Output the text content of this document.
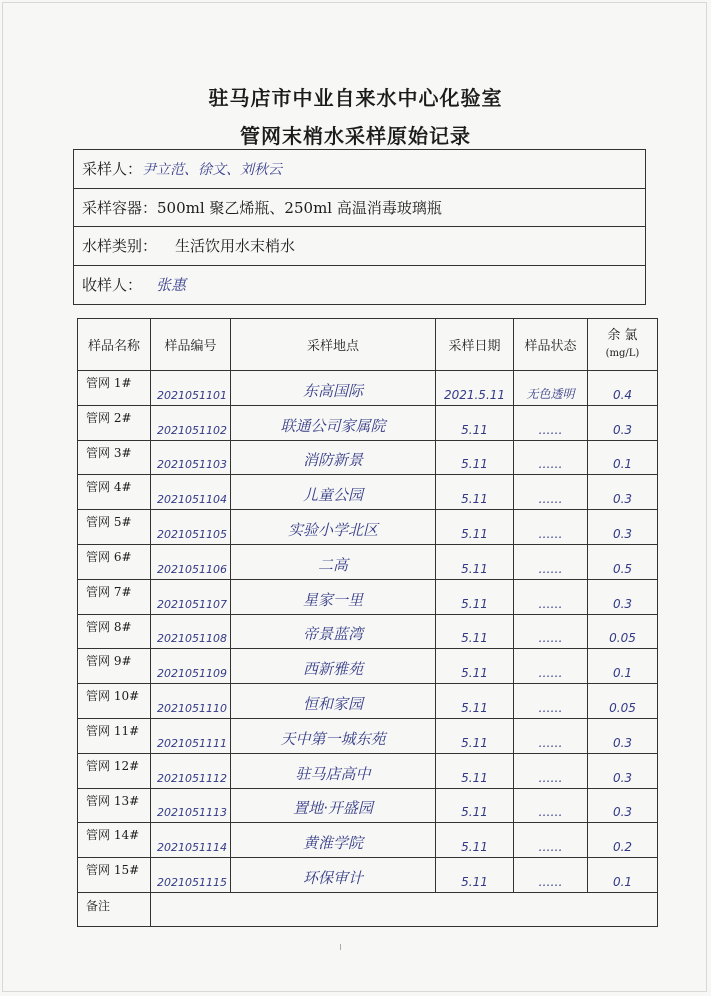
驻马店市中业自来水中心化验室
管网末梢水采样原始记录
采样人： 尹立范、徐文、刘秋云
采样容器： 500ml 聚乙烯瓶、250ml 高温消毒玻璃瓶
水样类别： 生活饮用水末梢水
收样人： 张惠
样品名称	样品编号	采样地点	采样日期	样品状态	余 氯
(mg/L)

管网 1#	2021051101	东高国际	2021.5.11	无色透明	0.4

管网 2#	2021051102	联通公司家属院	5.11	……	0.3

管网 3#	2021051103	消防新景	5.11	……	0.1

管网 4#	2021051104	儿童公园	5.11	……	0.3

管网 5#	2021051105	实验小学北区	5.11	……	0.3

管网 6#	2021051106	二高	5.11	……	0.5

管网 7#	2021051107	星家一里	5.11	……	0.3

管网 8#	2021051108	帝景蓝湾	5.11	……	0.05

管网 9#	2021051109	西新雅苑	5.11	……	0.1

管网 10#	2021051110	恒和家园	5.11	……	0.05

管网 11#	2021051111	天中第一城东苑	5.11	……	0.3

管网 12#	2021051112	驻马店高中	5.11	……	0.3

管网 13#	2021051113	置地·开盛园	5.11	……	0.3

管网 14#	2021051114	黄淮学院	5.11	……	0.2

管网 15#	2021051115	环保审计	5.11	……	0.1

备注					
